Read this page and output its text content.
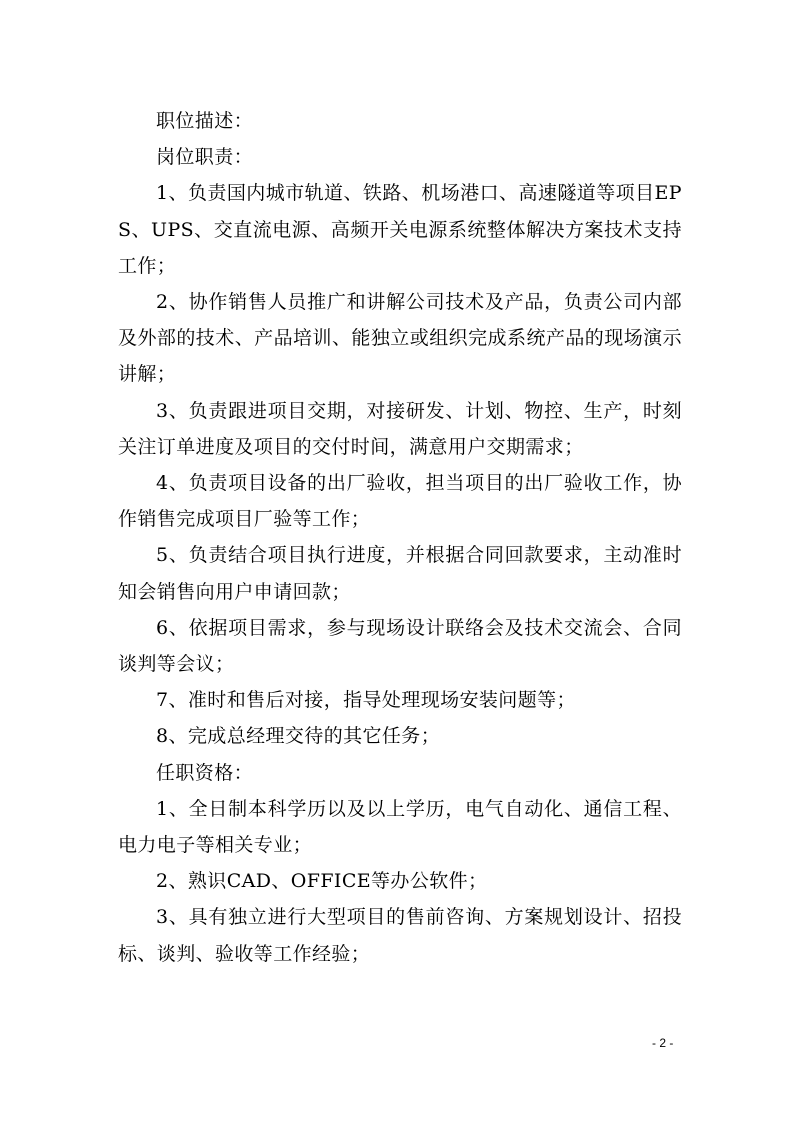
职位描述：

岗位职责：

1、负责国内城市轨道、铁路、机场港口、高速隧道等项目EPS、UPS、交直流电源、高频开关电源系统整体解决方案技术支持工作；

2、协作销售人员推广和讲解公司技术及产品，负责公司内部及外部的技术、产品培训、能独立或组织完成系统产品的现场演示讲解；

3、负责跟进项目交期，对接研发、计划、物控、生产，时刻关注订单进度及项目的交付时间，满意用户交期需求；

4、负责项目设备的出厂验收，担当项目的出厂验收工作，协作销售完成项目厂验等工作；

5、负责结合项目执行进度，并根据合同回款要求，主动准时知会销售向用户申请回款；

6、依据项目需求，参与现场设计联络会及技术交流会、合同谈判等会议；

7、准时和售后对接，指导处理现场安装问题等；

8、完成总经理交待的其它任务；

任职资格：

1、全日制本科学历以及以上学历，电气自动化、通信工程、电力电子等相关专业；

2、熟识CAD、OFFICE等办公软件；

3、具有独立进行大型项目的售前咨询、方案规划设计、招投标、谈判、验收等工作经验；

- 2 -
